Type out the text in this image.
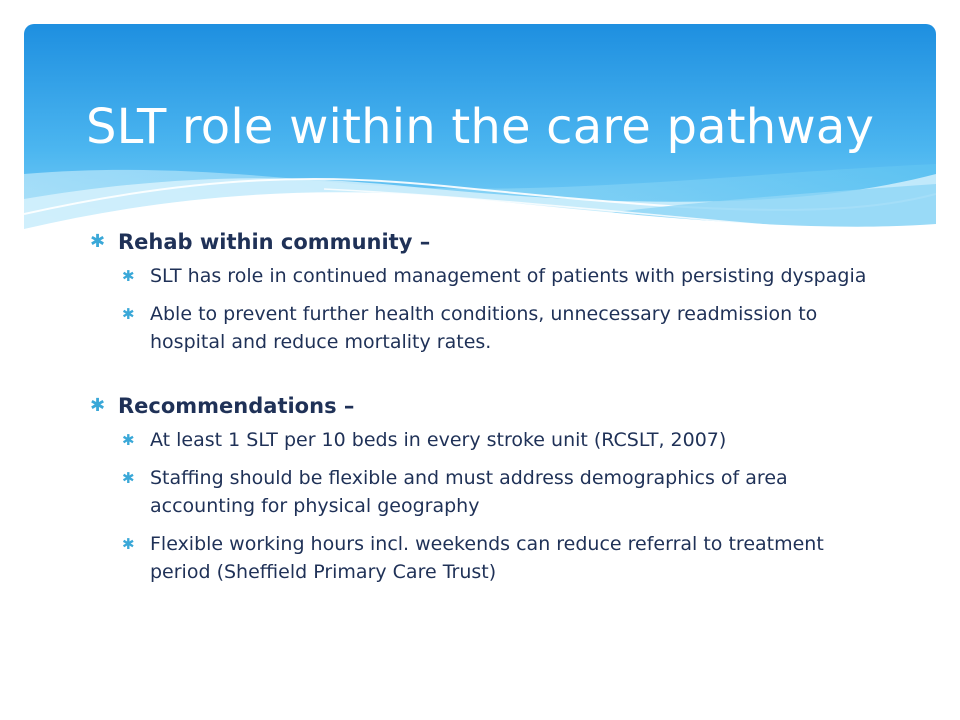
SLT role within the care pathway
✱ Rehab within community –
✱ SLT has role in continued management of patients with persisting dyspagia
✱ Able to prevent further health conditions, unnecessary readmission to hospital and reduce mortality rates.
✱ Recommendations –
✱ At least 1 SLT per 10 beds in every stroke unit (RCSLT, 2007)
✱ Staffing should be flexible and must address demographics of area accounting for physical geography
✱ Flexible working hours incl. weekends can reduce referral to treatment period (Sheffield Primary Care Trust)
